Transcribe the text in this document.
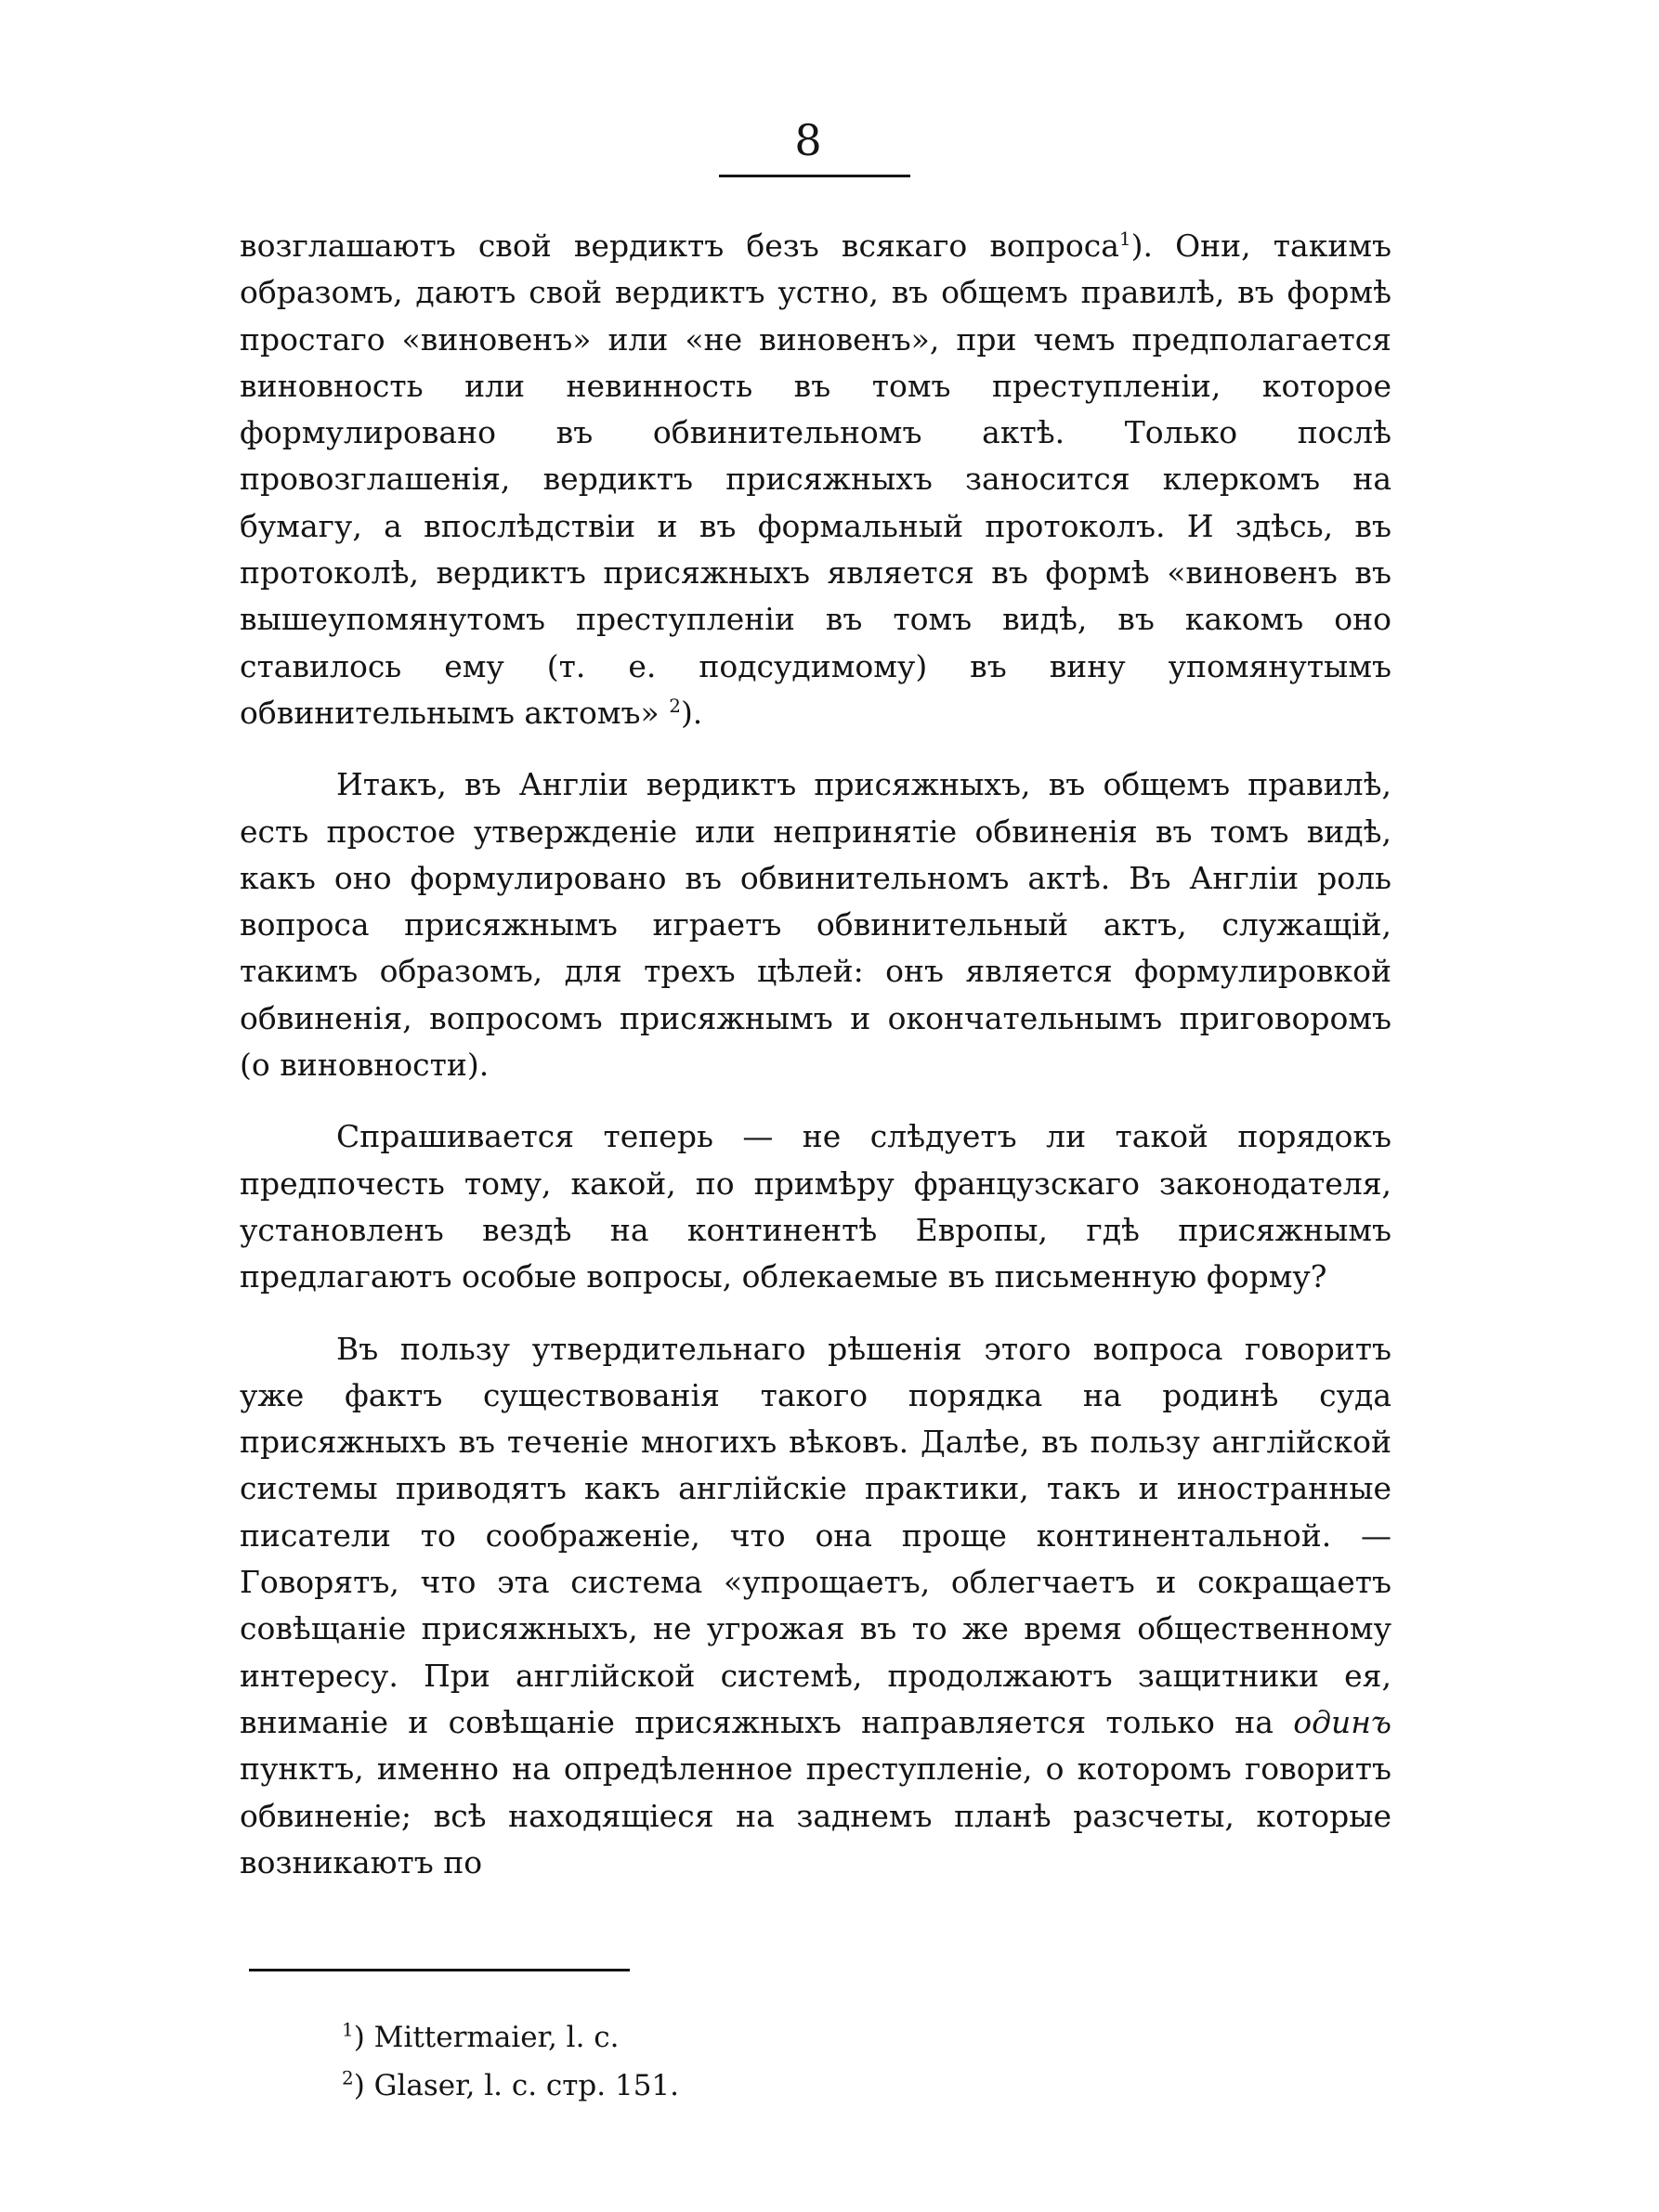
8

возглашаютъ свой вердиктъ безъ всякаго вопроса$^1$). Они, такимъ образомъ, даютъ свой вердиктъ устно, въ общемъ правилѣ, въ формѣ простаго «виновенъ» или «не виновенъ», при чемъ предполагается виновность или невинность въ томъ преступленіи, которое формулировано въ обвинительномъ актѣ. Только послѣ провозглашенія, вердиктъ присяжныхъ заносится клеркомъ на бумагу, а впослѣдствіи и въ формальный протоколъ. И здѣсь, въ протоколѣ, вердиктъ присяжныхъ является въ формѣ «виновенъ въ вышеупомянутомъ преступленіи въ томъ видѣ, въ какомъ оно ставилось ему (т. е. подсудимому) въ вину упомянутымъ обвинительнымъ актомъ» $^2$).

Итакъ, въ Англіи вердиктъ присяжныхъ, въ общемъ правилѣ, есть простое утвержденіе или непринятіе обвиненія въ томъ видѣ, какъ оно формулировано въ обвинительномъ актѣ. Въ Англіи роль вопроса присяжнымъ играетъ обвинительный актъ, служащій, такимъ образомъ, для трехъ цѣлей: онъ является формулировкой обвиненія, вопросомъ присяжнымъ и окончательнымъ приговоромъ (о виновности).

Спрашивается теперь — не слѣдуетъ ли такой порядокъ предпочесть тому, какой, по примѣру французскаго законодателя, установленъ вездѣ на континентѣ Европы, гдѣ присяжнымъ предлагаютъ особые вопросы, облекаемые въ письменную форму?

Въ пользу утвердительнаго рѣшенія этого вопроса говоритъ уже фактъ существованія такого порядка на родинѣ суда присяжныхъ въ теченіе многихъ вѣковъ. Далѣе, въ пользу англійской системы приводятъ какъ англійскіе практики, такъ и иностранные писатели то соображеніе, что она проще континентальной. — Говорятъ, что эта система «упрощаетъ, облегчаетъ и сокращаетъ совѣщаніе присяжныхъ, не угрожая въ то же время общественному интересу. При англійской системѣ, продолжаютъ защитники ея, вниманіе и совѣщаніе присяжныхъ направляется только на одинъ пунктъ, именно на опредѣленное преступленіе, о которомъ говоритъ обвиненіе; всѣ находящіеся на заднемъ планѣ разсчеты, которые возникаютъ по

$^1$) Mittermaier, l. c.

$^2$) Glaser, l. c. стр. 151.
